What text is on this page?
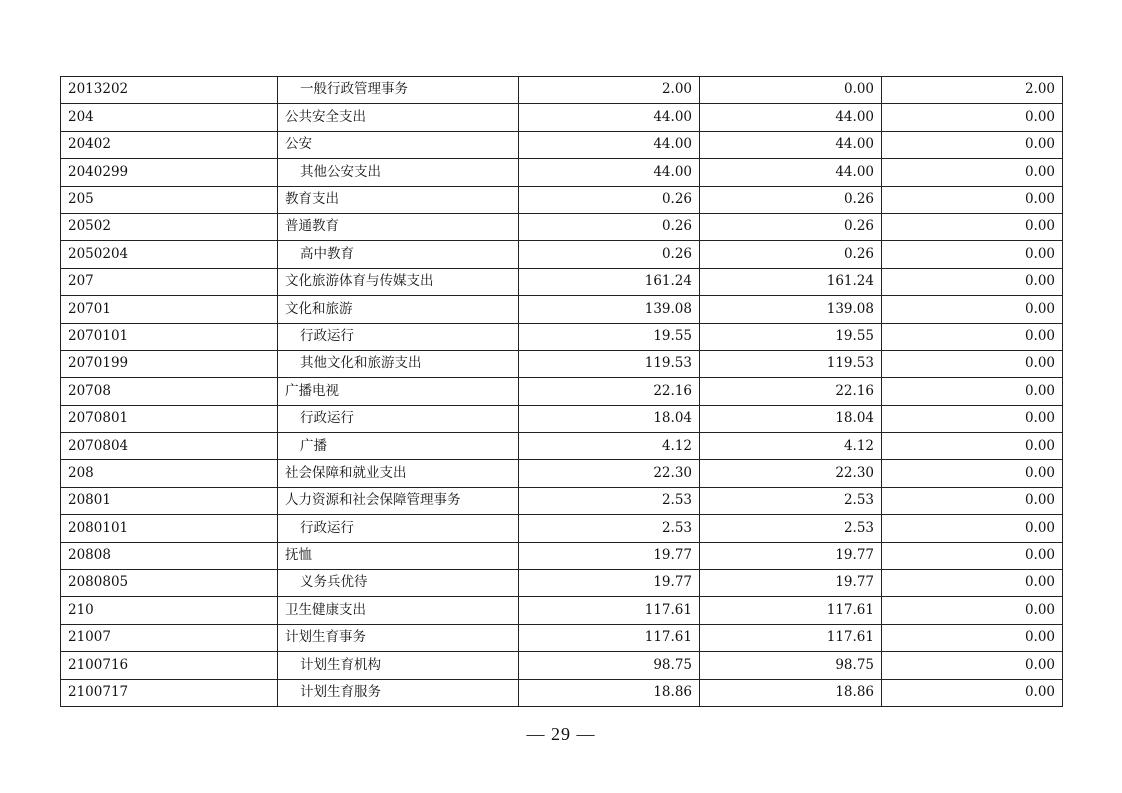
2013202	一般行政管理事务	2.00	0.00	2.00
204	公共安全支出	44.00	44.00	0.00
20402	公安	44.00	44.00	0.00
2040299	其他公安支出	44.00	44.00	0.00
205	教育支出	0.26	0.26	0.00
20502	普通教育	0.26	0.26	0.00
2050204	高中教育	0.26	0.26	0.00
207	文化旅游体育与传媒支出	161.24	161.24	0.00
20701	文化和旅游	139.08	139.08	0.00
2070101	行政运行	19.55	19.55	0.00
2070199	其他文化和旅游支出	119.53	119.53	0.00
20708	广播电视	22.16	22.16	0.00
2070801	行政运行	18.04	18.04	0.00
2070804	广播	4.12	4.12	0.00
208	社会保障和就业支出	22.30	22.30	0.00
20801	人力资源和社会保障管理事务	2.53	2.53	0.00
2080101	行政运行	2.53	2.53	0.00
20808	抚恤	19.77	19.77	0.00
2080805	义务兵优待	19.77	19.77	0.00
210	卫生健康支出	117.61	117.61	0.00
21007	计划生育事务	117.61	117.61	0.00
2100716	计划生育机构	98.75	98.75	0.00
2100717	计划生育服务	18.86	18.86	0.00
— 29 —
